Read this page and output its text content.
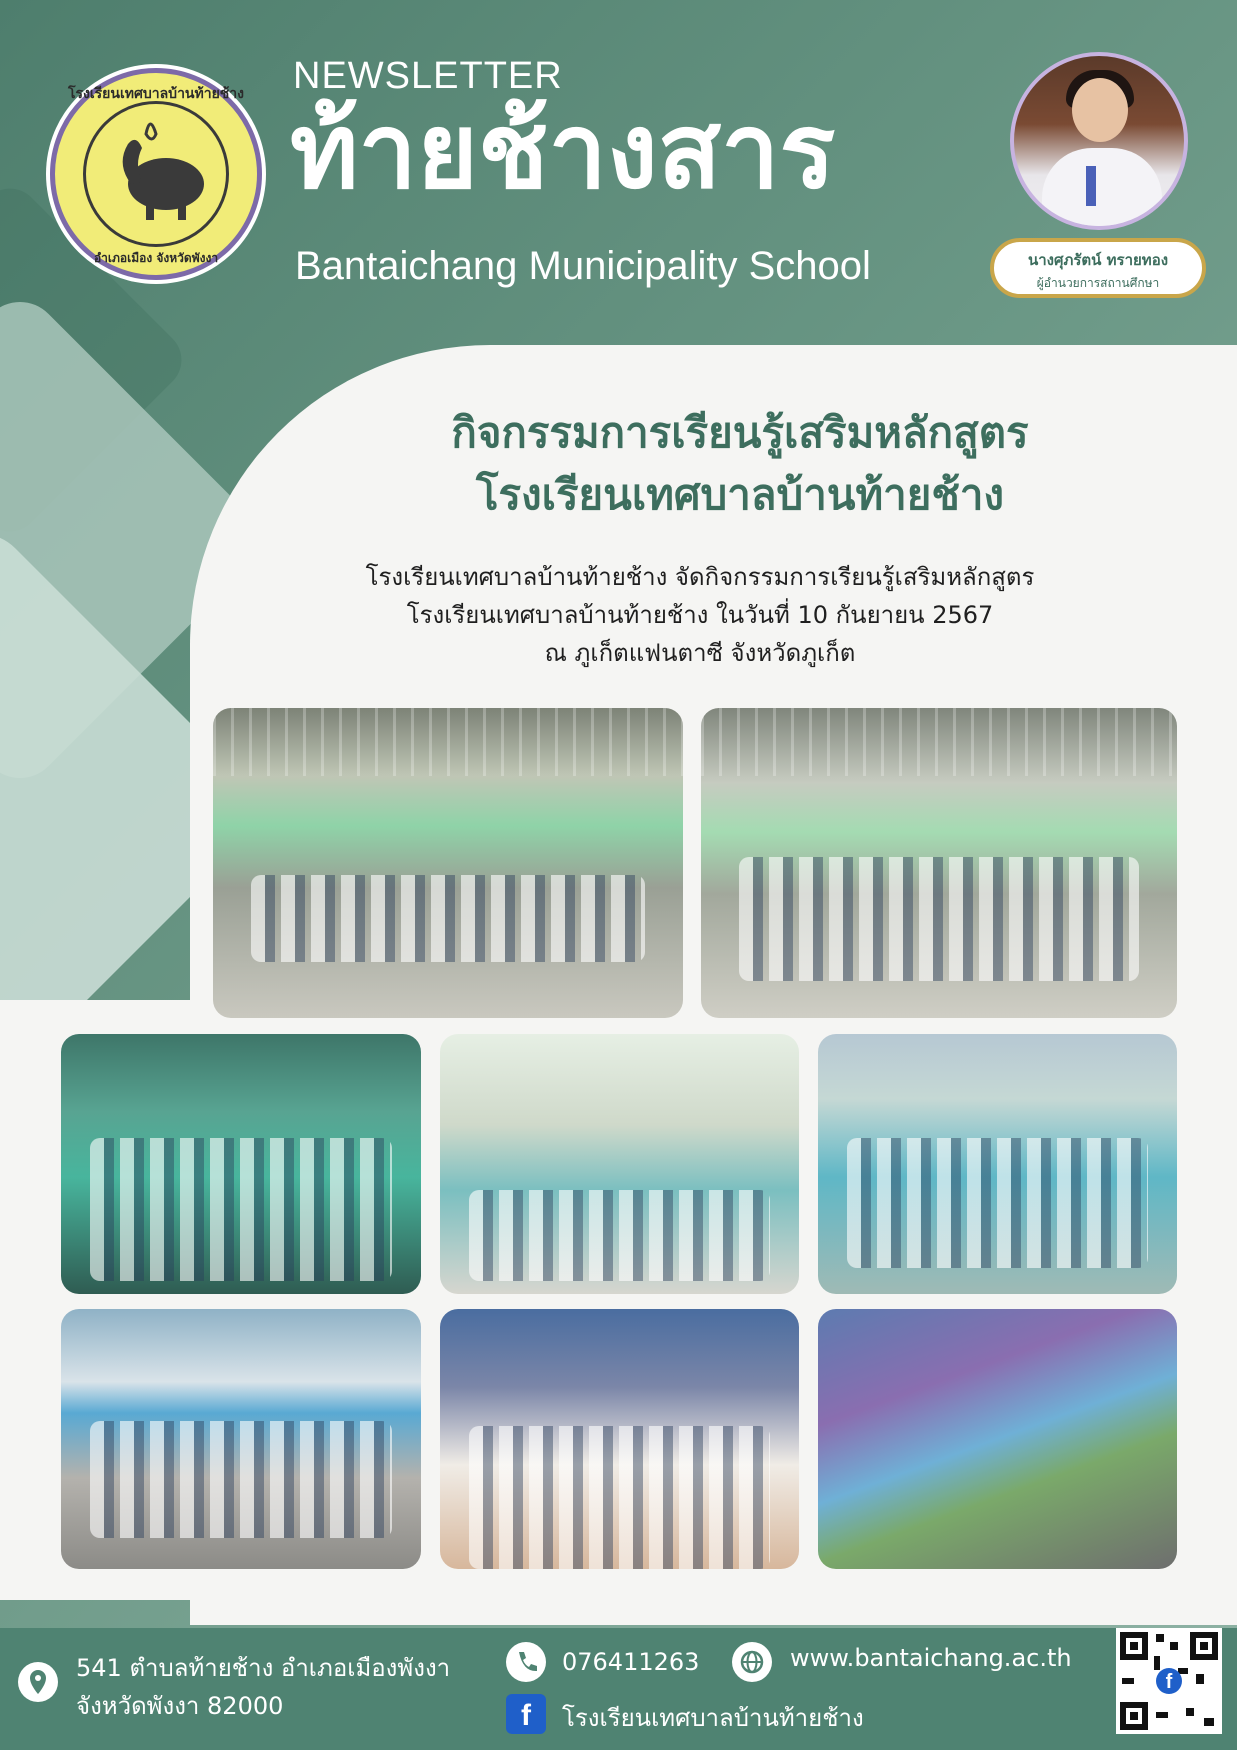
โรงเรียนเทศบาลบ้านท้ายช้าง
อำเภอเมือง จังหวัดพังงา
NEWSLETTER
ท้ายช้างสาร
Bantaichang Municipality School	นางศุภรัตน์ ทรายทอง
ผู้อำนวยการสถานศึกษา
กิจกรรมการเรียนรู้เสริมหลักสูตร
โรงเรียนเทศบาลบ้านท้ายช้าง
โรงเรียนเทศบาลบ้านท้ายช้าง จัดกิจกรรมการเรียนรู้เสริมหลักสูตร
โรงเรียนเทศบาลบ้านท้ายช้าง ในวันที่ 10 กันยายน 2567
ณ ภูเก็ตแฟนตาซี จังหวัดภูเก็ต
541 ตำบลท้ายช้าง อำเภอเมืองพังงา
จังหวัดพังงา 82000
076411263	www.bantaichang.ac.th
f	โรงเรียนเทศบาลบ้านท้ายช้าง
f
